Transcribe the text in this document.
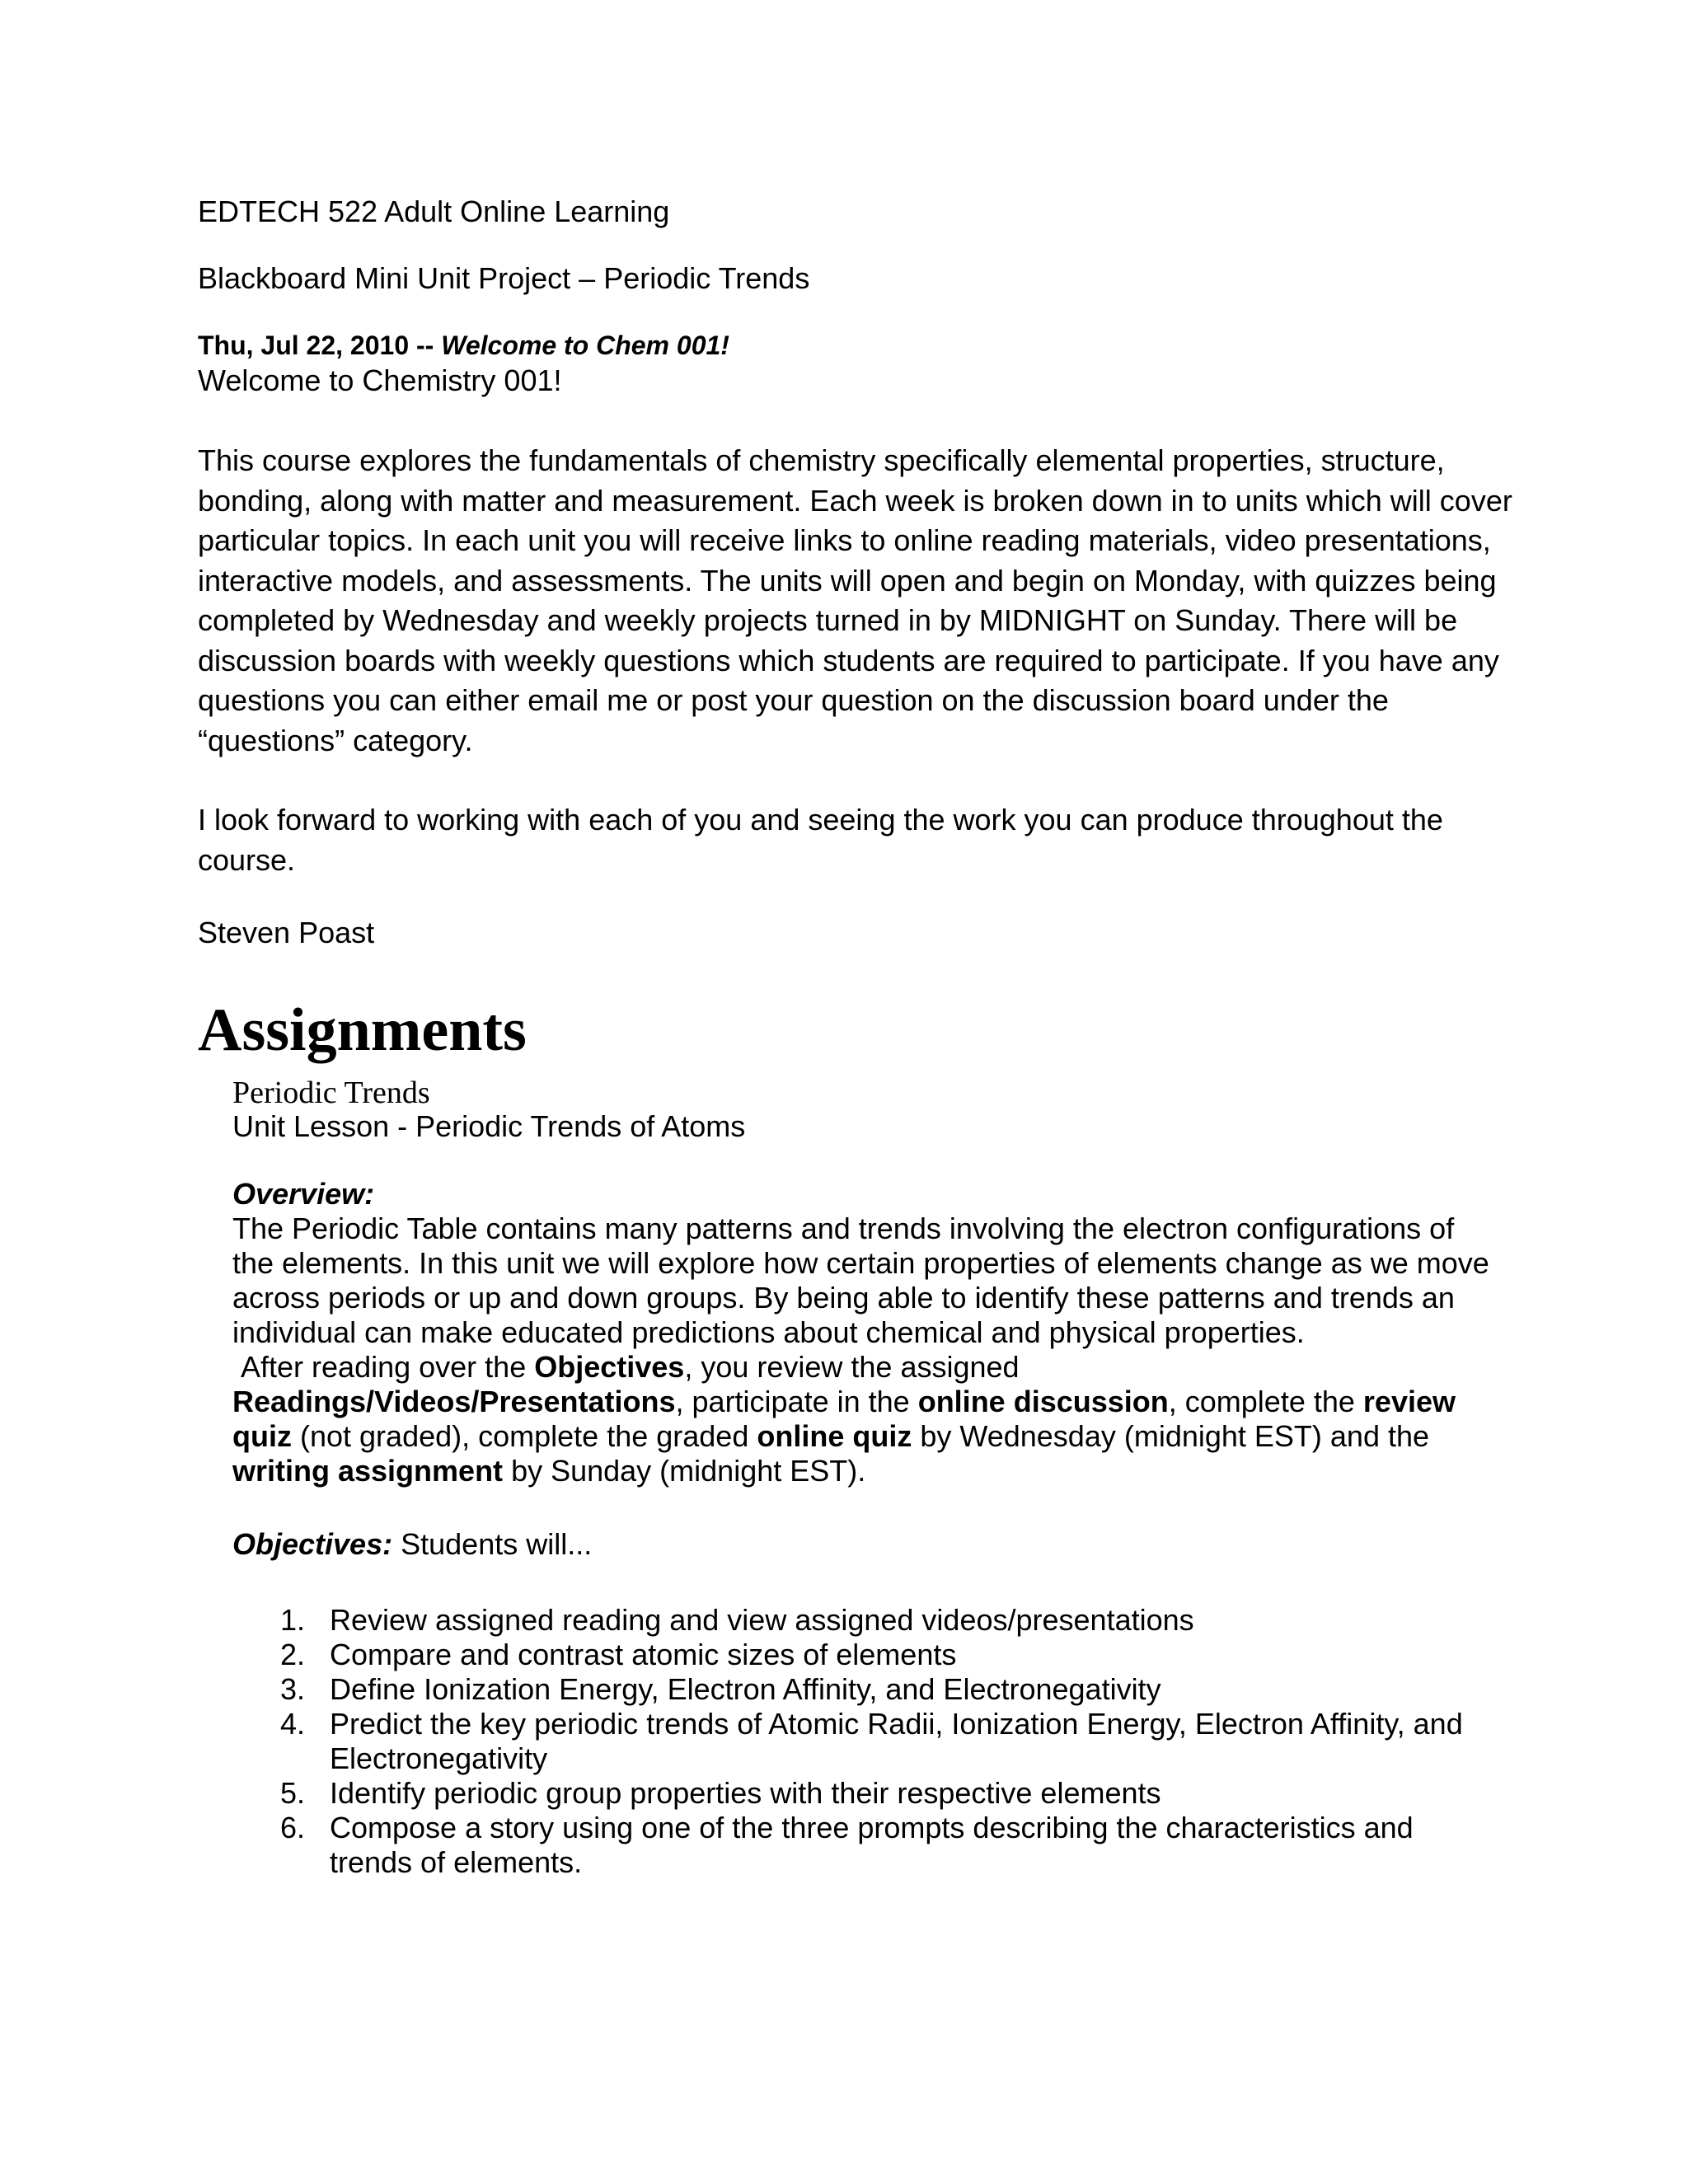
EDTECH 522 Adult Online Learning
Blackboard Mini Unit Project – Periodic Trends
Thu, Jul 22, 2010 -- Welcome to Chem 001!
Welcome to Chemistry 001!

This course explores the fundamentals of chemistry specifically elemental properties, structure, bonding, along with matter and measurement. Each week is broken down in to units which will cover particular topics. In each unit you will receive links to online reading materials, video presentations, interactive models, and assessments. The units will open and begin on Monday, with quizzes being completed by Wednesday and weekly projects turned in by MIDNIGHT on Sunday. There will be discussion boards with weekly questions which students are required to participate. If you have any questions you can either email me or post your question on the discussion board under the “questions” category.

I look forward to working with each of you and seeing the work you can produce throughout the course.

Steven Poast
Assignments
Periodic Trends
Unit Lesson - Periodic Trends of Atoms
Overview:

The Periodic Table contains many patterns and trends involving the electron configurations of the elements. In this unit we will explore how certain properties of elements change as we move across periods or up and down groups. By being able to identify these patterns and trends an individual can make educated predictions about chemical and physical properties.
After reading over the Objectives, you review the assigned
Readings/Videos/Presentations, participate in the online discussion, complete the review quiz (not graded), complete the graded online quiz by Wednesday (midnight EST) and the writing assignment by Sunday (midnight EST).

Objectives: Students will...
1. Review assigned reading and view assigned videos/presentations
2. Compare and contrast atomic sizes of elements
3. Define Ionization Energy, Electron Affinity, and Electronegativity
4. Predict the key periodic trends of Atomic Radii, Ionization Energy, Electron Affinity, and Electronegativity
5. Identify periodic group properties with their respective elements
6. Compose a story using one of the three prompts describing the characteristics and trends of elements.
